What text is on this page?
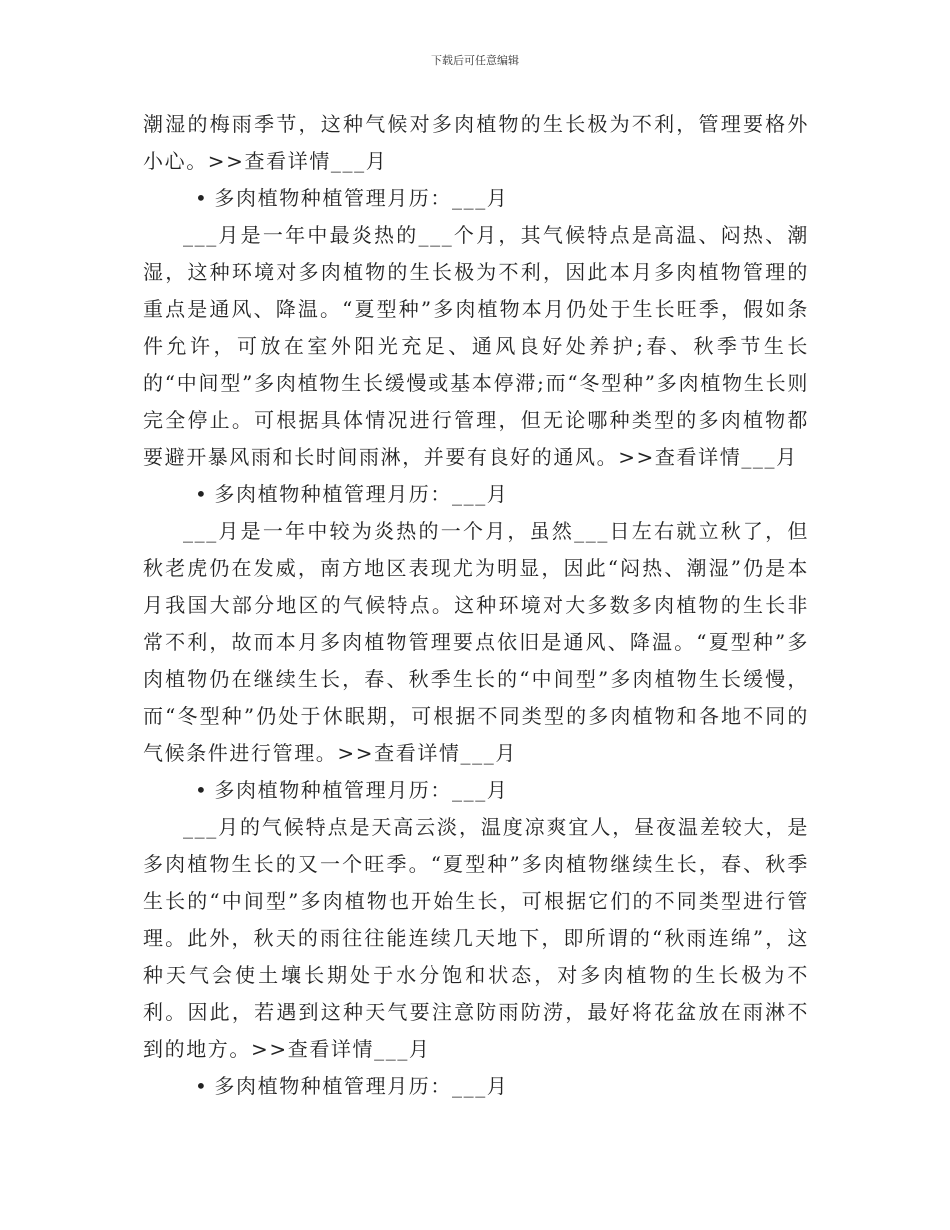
下载后可任意编辑

潮湿的梅雨季节，这种气候对多肉植物的生长极为不利，管理要格外小心。>>查看详情___月

• 多肉植物种植管理月历：___月

___月是一年中最炎热的___个月，其气候特点是高温、闷热、潮湿，这种环境对多肉植物的生长极为不利，因此本月多肉植物管理的重点是通风、降温。“夏型种”多肉植物本月仍处于生长旺季，假如条件允许，可放在室外阳光充足、通风良好处养护;春、秋季节生长的“中间型”多肉植物生长缓慢或基本停滞;而“冬型种”多肉植物生长则完全停止。可根据具体情况进行管理，但无论哪种类型的多肉植物都要避开暴风雨和长时间雨淋，并要有良好的通风。>>查看详情___月

• 多肉植物种植管理月历：___月

___月是一年中较为炎热的一个月，虽然___日左右就立秋了，但秋老虎仍在发威，南方地区表现尤为明显，因此“闷热、潮湿”仍是本月我国大部分地区的气候特点。这种环境对大多数多肉植物的生长非常不利，故而本月多肉植物管理要点依旧是通风、降温。“夏型种”多肉植物仍在继续生长，春、秋季生长的“中间型”多肉植物生长缓慢，而“冬型种”仍处于休眠期，可根据不同类型的多肉植物和各地不同的气候条件进行管理。>>查看详情___月

• 多肉植物种植管理月历：___月

___月的气候特点是天高云淡，温度凉爽宜人，昼夜温差较大，是多肉植物生长的又一个旺季。“夏型种”多肉植物继续生长，春、秋季生长的“中间型”多肉植物也开始生长，可根据它们的不同类型进行管理。此外，秋天的雨往往能连续几天地下，即所谓的“秋雨连绵”，这种天气会使土壤长期处于水分饱和状态，对多肉植物的生长极为不利。因此，若遇到这种天气要注意防雨防涝，最好将花盆放在雨淋不到的地方。>>查看详情___月

• 多肉植物种植管理月历：___月
